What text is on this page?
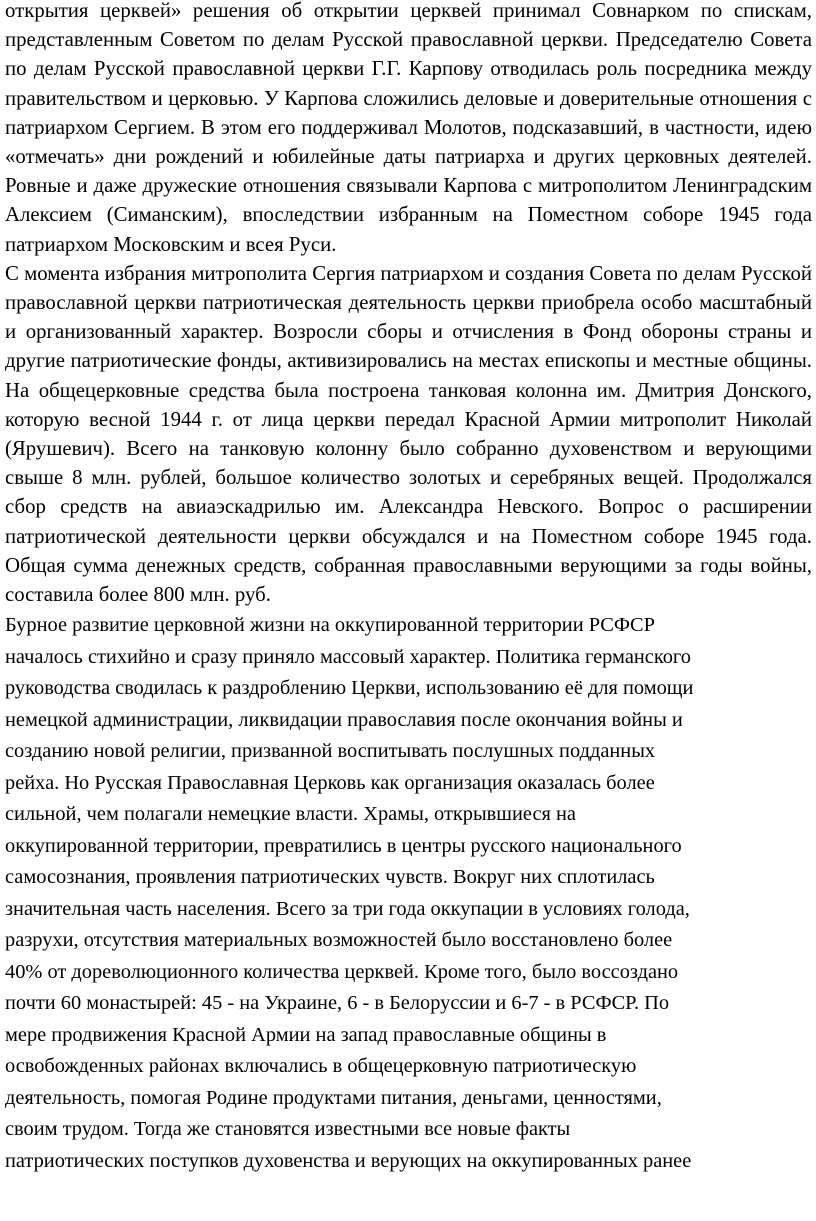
открытия церквей» решения об открытии церквей принимал Совнарком по спискам, представленным Советом по делам Русской православной церкви. Председателю Совета по делам Русской православной церкви Г.Г. Карпову отводилась роль посредника между правительством и церковью. У Карпова сложились деловые и доверительные отношения с патриархом Сергием. В этом его поддерживал Молотов, подсказавший, в частности, идею «отмечать» дни рождений и юбилейные даты патриарха и других церковных деятелей. Ровные и даже дружеские отношения связывали Карпова с митрополитом Ленинградским Алексием (Симанским), впоследствии избранным на Поместном соборе 1945 года патриархом Московским и всея Руси.

С момента избрания митрополита Сергия патриархом и создания Совета по делам Русской православной церкви патриотическая деятельность церкви приобрела особо масштабный и организованный характер. Возросли сборы и отчисления в Фонд обороны страны и другие патриотические фонды, активизировались на местах епископы и местные общины. На общецерковные средства была построена танковая колонна им. Дмитрия Донского, которую весной 1944 г. от лица церкви передал Красной Армии митрополит Николай (Ярушевич). Всего на танковую колонну было собранно духовенством и верующими свыше 8 млн. рублей, большое количество золотых и серебряных вещей. Продолжался сбор средств на авиаэскадрилью им. Александра Невского. Вопрос о расширении патриотической деятельности церкви обсуждался и на Поместном соборе 1945 года. Общая сумма денежных средств, собранная православными верующими за годы войны, составила более 800 млн. руб.

Бурное развитие церковной жизни на оккупированной территории РСФСР
началось стихийно и сразу приняло массовый характер. Политика германского
руководства сводилась к раздроблению Церкви, использованию её для помощи
немецкой администрации, ликвидации православия после окончания войны и
созданию новой религии, призванной воспитывать послушных подданных
рейха. Но Русская Православная Церковь как организация оказалась более
сильной, чем полагали немецкие власти. Храмы, открывшиеся на
оккупированной территории, превратились в центры русского национального
самосознания, проявления патриотических чувств. Вокруг них сплотилась
значительная часть населения. Всего за три года оккупации в условиях голода,
разрухи, отсутствия материальных возможностей было восстановлено более
40% от дореволюционного количества церквей. Кроме того, было воссоздано
почти 60 монастырей: 45 - на Украине, 6 - в Белоруссии и 6-7 - в РСФСР. По
мере продвижения Красной Армии на запад православные общины в
освобожденных районах включались в общецерковную патриотическую
деятельность, помогая Родине продуктами питания, деньгами, ценностями,
своим трудом. Тогда же становятся известными все новые факты
патриотических поступков духовенства и верующих на оккупированных ранее
